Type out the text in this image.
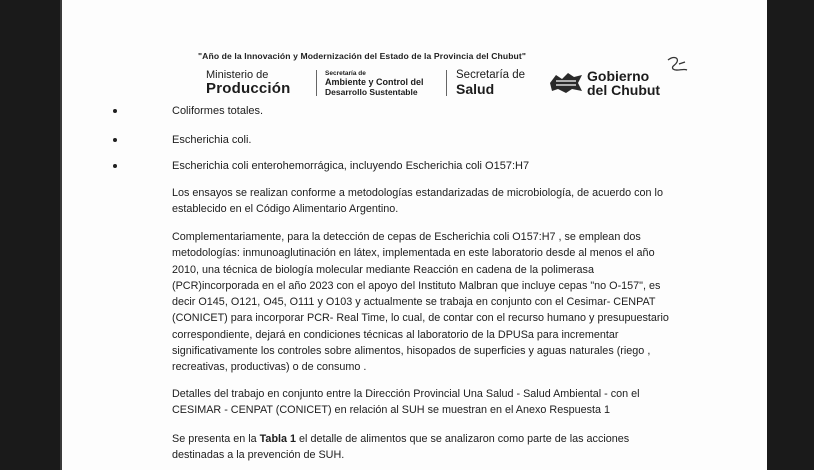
"Año de la Innovación y Modernización del Estado de la Provincia del Chubut"
Ministerio de
Producción
Secretaría de
Ambiente y Control del
Desarrollo Sustentable
Secretaría de
Salud
Gobierno
del Chubut
Coliformes totales.
Escherichia coli.
Escherichia coli enterohemorrágica, incluyendo Escherichia coli O157:H7
Los ensayos se realizan conforme a metodologías estandarizadas de microbiología, de acuerdo con lo
establecido en el Código Alimentario Argentino.
Complementariamente, para la detección de cepas de Escherichia coli O157:H7 , se emplean dos
metodologías: inmunoaglutinación en látex, implementada en este laboratorio desde al menos el año
2010, una técnica de biología molecular mediante Reacción en cadena de la polimerasa
(PCR)incorporada en el año 2023 con el apoyo del Instituto Malbran que incluye cepas "no O-157", es
decir O145, O121, O45, O111 y O103 y actualmente se trabaja en conjunto con el Cesimar- CENPAT
(CONICET) para incorporar PCR- Real Time, lo cual, de contar con el recurso humano y presupuestario
correspondiente, dejará en condiciones técnicas al laboratorio de la DPUSa para incrementar
significativamente los controles sobre alimentos, hisopados de superficies y aguas naturales (riego ,
recreativas, productivas) o de consumo .
Detalles del trabajo en conjunto entre la Dirección Provincial Una Salud - Salud Ambiental - con el
CESIMAR - CENPAT (CONICET) en relación al SUH se muestran en el Anexo Respuesta 1
Se presenta en la Tabla 1 el detalle de alimentos que se analizaron como parte de las acciones
destinadas a la prevención de SUH.
